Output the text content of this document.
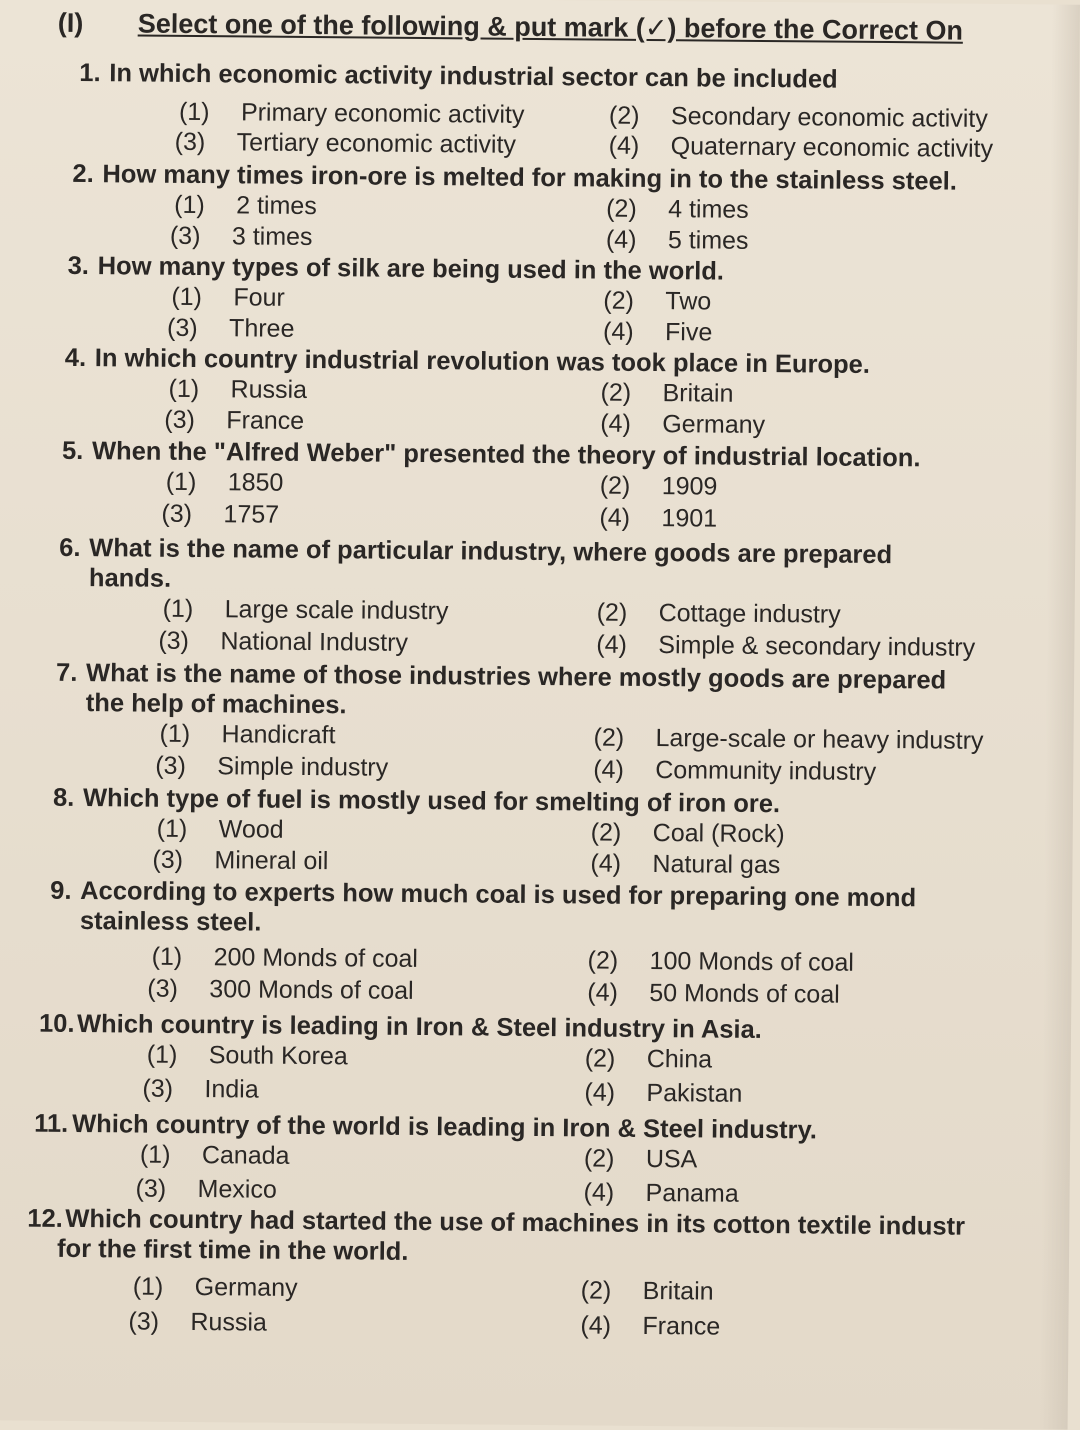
(I) Select one of the following & put mark (✓) before the Correct On
1. In which economic activity industrial sector can be included
(1) Primary economic activity	(2) Secondary economic activity
(3) Tertiary economic activity	(4) Quaternary economic activity
2. How many times iron-ore is melted for making in to the stainless steel.
(1) 2 times	(2) 4 times
(3) 3 times	(4) 5 times
3. How many types of silk are being used in the world.
(1) Four	(2) Two
(3) Three	(4) Five
4. In which country industrial revolution was took place in Europe.
(1) Russia	(2) Britain
(3) France	(4) Germany
5. When the "Alfred Weber" presented the theory of industrial location.
(1) 1850	(2) 1909
(3) 1757	(4) 1901
6. What is the name of particular industry, where goods are prepared
hands.
(1) Large scale industry	(2) Cottage industry
(3) National Industry	(4) Simple & secondary industry
7. What is the name of those industries where mostly goods are prepared
the help of machines.
(1) Handicraft	(2) Large-scale or heavy industry
(3) Simple industry	(4) Community industry
8. Which type of fuel is mostly used for smelting of iron ore.
(1) Wood	(2) Coal (Rock)
(3) Mineral oil	(4) Natural gas
9. According to experts how much coal is used for preparing one mond
stainless steel.
(1) 200 Monds of coal	(2) 100 Monds of coal
(3) 300 Monds of coal	(4) 50 Monds of coal
10.Which country is leading in Iron & Steel industry in Asia.
(1) South Korea	(2) China
(3) India	(4) Pakistan
11. Which country of the world is leading in Iron & Steel industry.
(1) Canada	(2) USA
(3) Mexico	(4) Panama
12.Which country had started the use of machines in its cotton textile industr
for the first time in the world.
(1) Germany	(2) Britain
(3) Russia	(4) France
